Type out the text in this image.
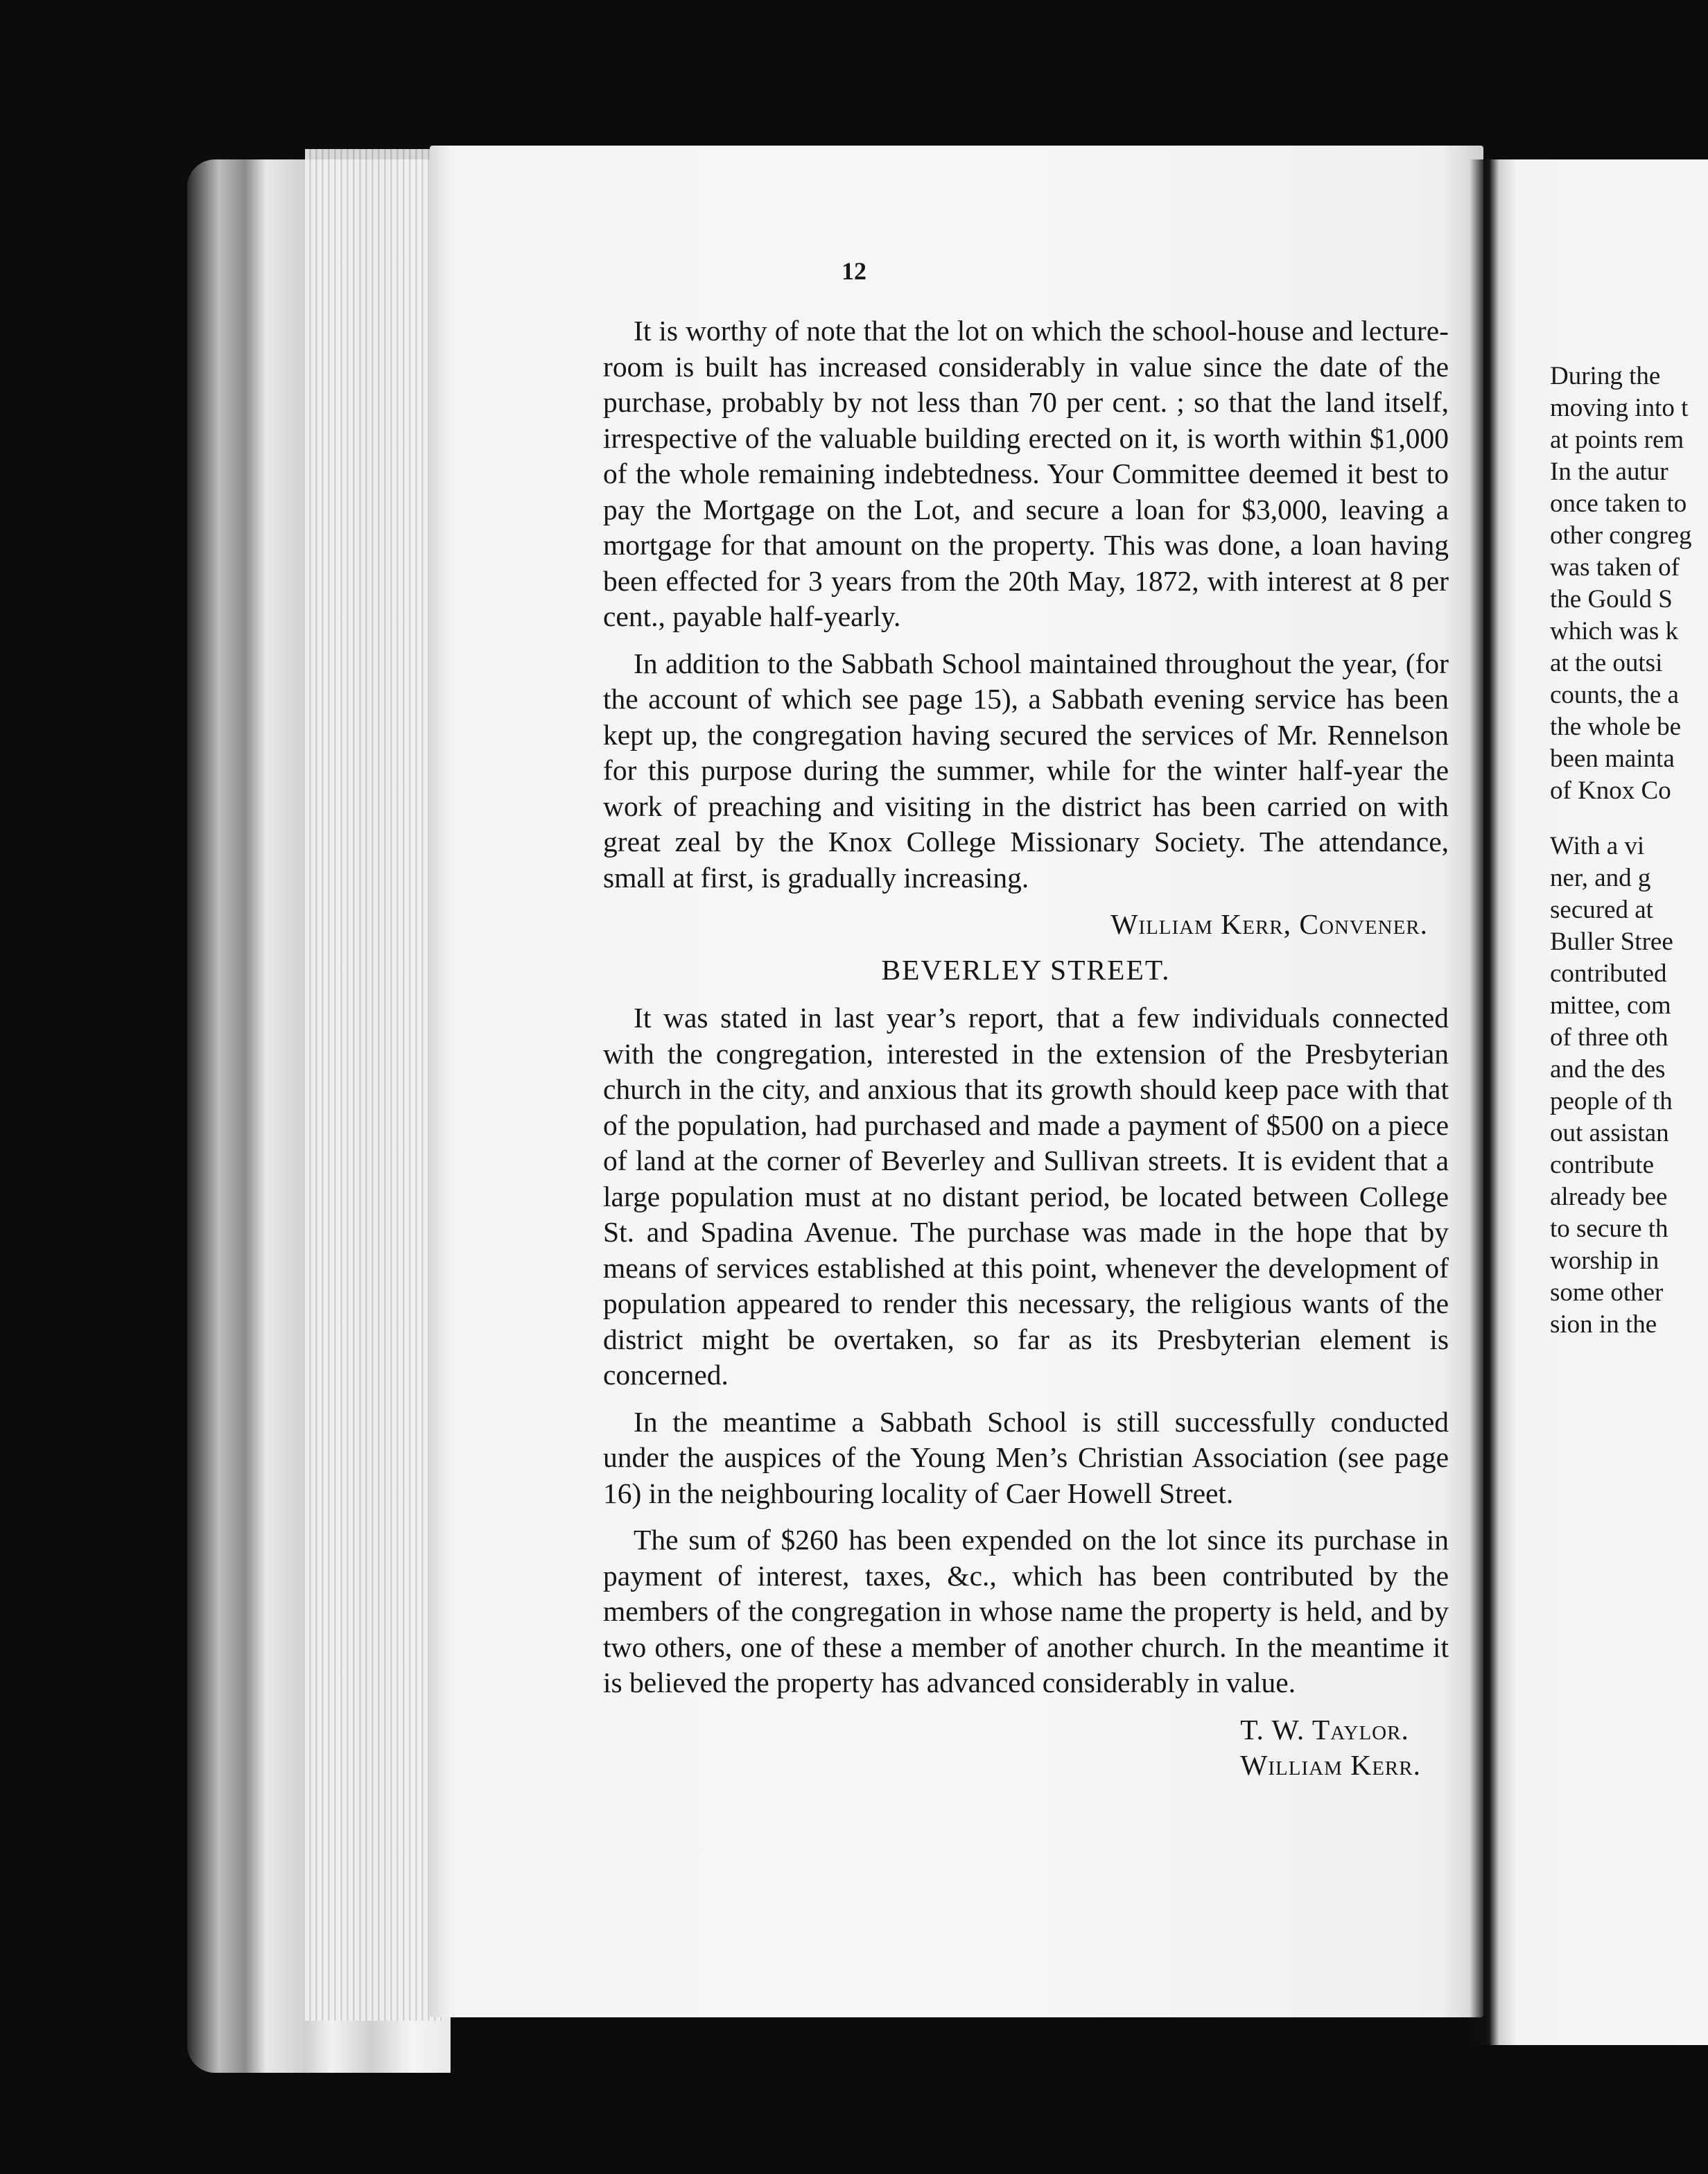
During the
moving into t
at points rem
In the autur
once taken to
other congreg
was taken of
the Gould S
which was k
at the outsi
counts, the a
the whole be
been mainta
of Knox Co
With a vi
ner, and g
secured at
Buller Stree
contributed
mittee, com
of three oth
and the des
people of th
out assistan
contribute
already bee
to secure th
worship in
some other
sion in the
12

It is worthy of note that the lot on which the school-house and lecture-room is built has increased considerably in value since the date of the purchase, probably by not less than 70 per cent. ; so that the land itself, irrespective of the valuable building erected on it, is worth within $1,000 of the whole remaining indebtedness. Your Committee deemed it best to pay the Mortgage on the Lot, and secure a loan for $3,000, leaving a mortgage for that amount on the property. This was done, a loan having been effected for 3 years from the 20th May, 1872, with interest at 8 per cent., payable half-yearly.

In addition to the Sabbath School maintained throughout the year, (for the account of which see page 15), a Sabbath evening service has been kept up, the congregation having secured the services of Mr. Rennelson for this purpose during the summer, while for the winter half-year the work of preaching and visiting in the district has been carried on with great zeal by the Knox College Missionary Society. The attendance, small at first, is gradually increasing.

William Kerr, Convener.
BEVERLEY STREET.

It was stated in last year’s report, that a few individuals connected with the congregation, interested in the extension of the Presbyterian church in the city, and anxious that its growth should keep pace with that of the population, had purchased and made a payment of $500 on a piece of land at the corner of Beverley and Sullivan streets. It is evident that a large population must at no distant period, be located between College St. and Spadina Avenue. The purchase was made in the hope that by means of services established at this point, whenever the development of population appeared to render this necessary, the religious wants of the district might be overtaken, so far as its Presbyterian element is concerned.

In the meantime a Sabbath School is still successfully conducted under the auspices of the Young Men’s Christian Association (see page 16) in the neighbouring locality of Caer Howell Street.

The sum of $260 has been expended on the lot since its purchase in payment of interest, taxes, &c., which has been contributed by the members of the congregation in whose name the property is held, and by two others, one of these a member of another church. In the meantime it is believed the property has advanced considerably in value.

T. W. Taylor.
William Kerr.
